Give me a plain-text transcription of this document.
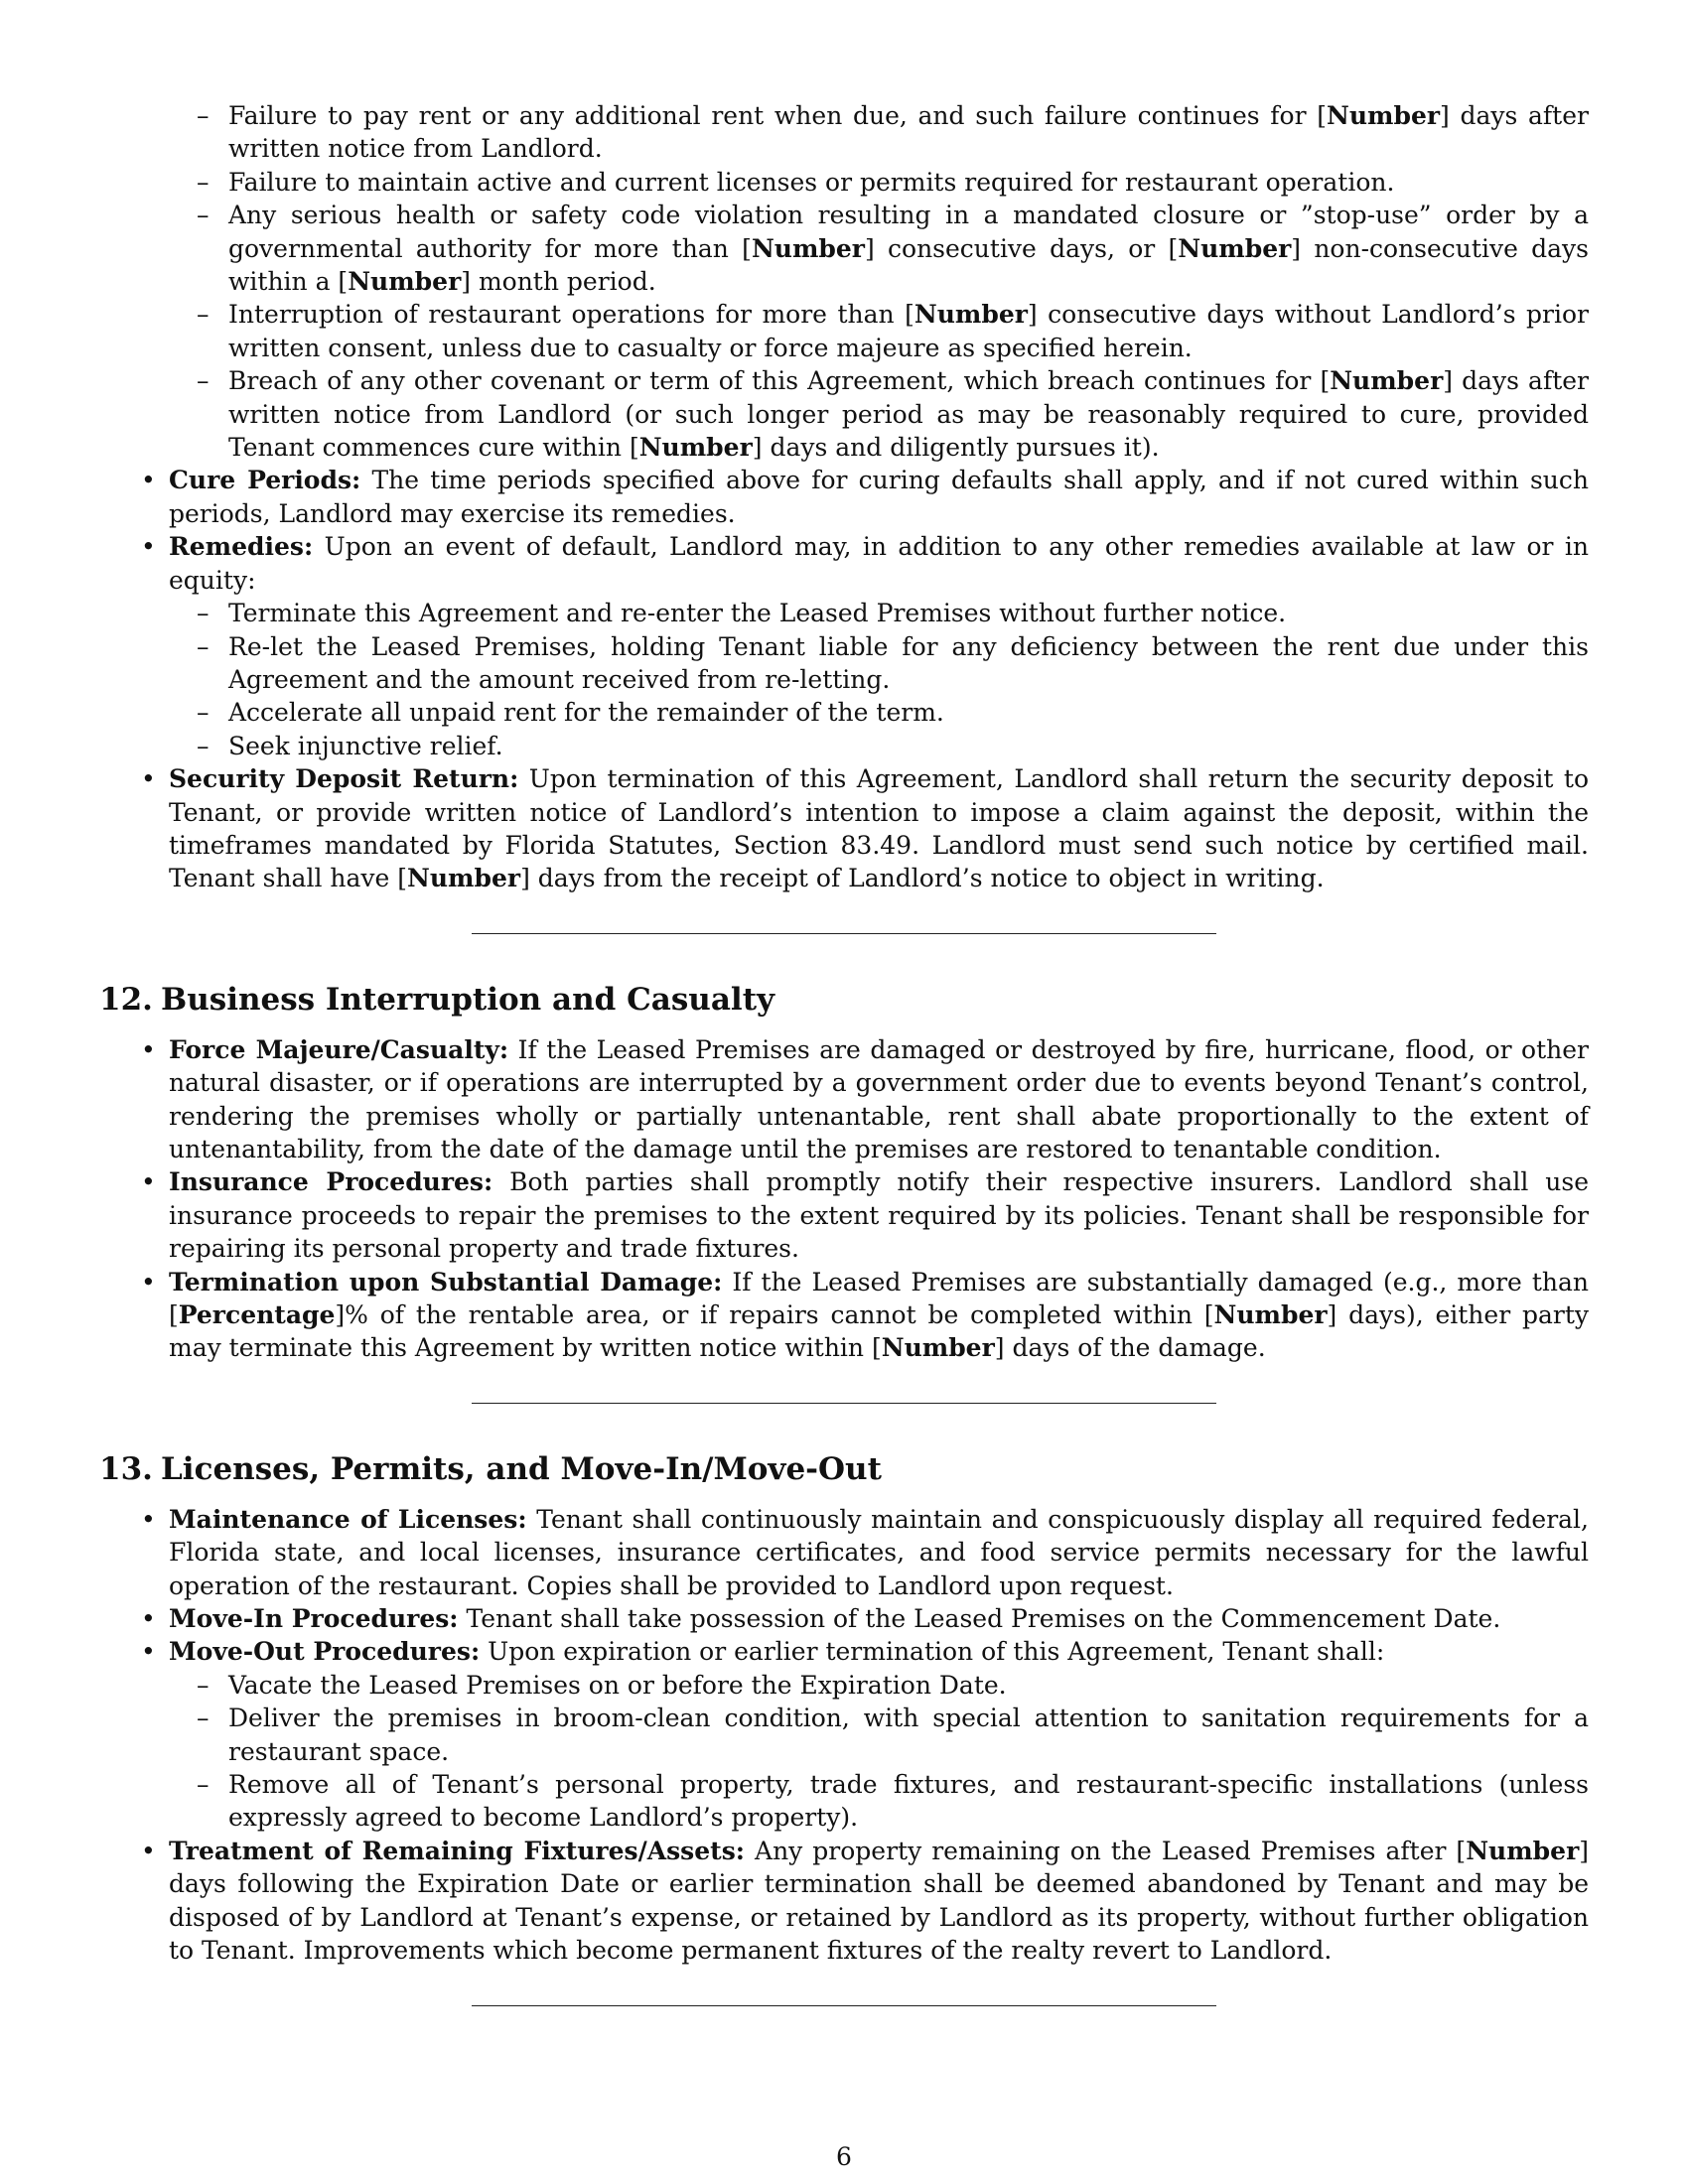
– Failure to pay rent or any additional rent when due, and such failure continues for [Number] days after written notice from Landlord.
– Failure to maintain active and current licenses or permits required for restaurant operation.
– Any serious health or safety code violation resulting in a mandated closure or ”stop-use” order by a governmental authority for more than [Number] consecutive days, or [Number] non-consecutive days within a [Number] month period.
– Interruption of restaurant operations for more than [Number] consecutive days without Landlord’s prior written consent, unless due to casualty or force majeure as specified herein.
– Breach of any other covenant or term of this Agreement, which breach continues for [Number] days after written notice from Landlord (or such longer period as may be reasonably required to cure, provided Tenant commences cure within [Number] days and diligently pursues it).
• Cure Periods: The time periods specified above for curing defaults shall apply, and if not cured within such periods, Landlord may exercise its remedies.
• Remedies: Upon an event of default, Landlord may, in addition to any other remedies available at law or in equity:
– Terminate this Agreement and re-enter the Leased Premises without further notice.
– Re-let the Leased Premises, holding Tenant liable for any deficiency between the rent due under this Agreement and the amount received from re-letting.
– Accelerate all unpaid rent for the remainder of the term.
– Seek injunctive relief.
• Security Deposit Return: Upon termination of this Agreement, Landlord shall return the security deposit to Tenant, or provide written notice of Landlord’s intention to impose a claim against the deposit, within the timeframes mandated by Florida Statutes, Section 83.49. Landlord must send such notice by certified mail. Tenant shall have [Number] days from the receipt of Landlord’s notice to object in writing.
12. Business Interruption and Casualty
• Force Majeure/Casualty: If the Leased Premises are damaged or destroyed by fire, hurricane, flood, or other natural disaster, or if operations are interrupted by a government order due to events beyond Tenant’s control, rendering the premises wholly or partially untenantable, rent shall abate proportionally to the extent of untenantability, from the date of the damage until the premises are restored to tenantable condition.
• Insurance Procedures: Both parties shall promptly notify their respective insurers. Landlord shall use insurance proceeds to repair the premises to the extent required by its policies. Tenant shall be responsible for repairing its personal property and trade fixtures.
• Termination upon Substantial Damage: If the Leased Premises are substantially damaged (e.g., more than [Percentage]% of the rentable area, or if repairs cannot be completed within [Number] days), either party may terminate this Agreement by written notice within [Number] days of the damage.
13. Licenses, Permits, and Move-In/Move-Out
• Maintenance of Licenses: Tenant shall continuously maintain and conspicuously display all required federal, Florida state, and local licenses, insurance certificates, and food service permits necessary for the lawful operation of the restaurant. Copies shall be provided to Landlord upon request.
• Move-In Procedures: Tenant shall take possession of the Leased Premises on the Commencement Date.
• Move-Out Procedures: Upon expiration or earlier termination of this Agreement, Tenant shall:
– Vacate the Leased Premises on or before the Expiration Date.
– Deliver the premises in broom-clean condition, with special attention to sanitation requirements for a restaurant space.
– Remove all of Tenant’s personal property, trade fixtures, and restaurant-specific installations (unless expressly agreed to become Landlord’s property).
• Treatment of Remaining Fixtures/Assets: Any property remaining on the Leased Premises after [Number] days following the Expiration Date or earlier termination shall be deemed abandoned by Tenant and may be disposed of by Landlord at Tenant’s expense, or retained by Landlord as its property, without further obligation to Tenant. Improvements which become permanent fixtures of the realty revert to Landlord.
6
